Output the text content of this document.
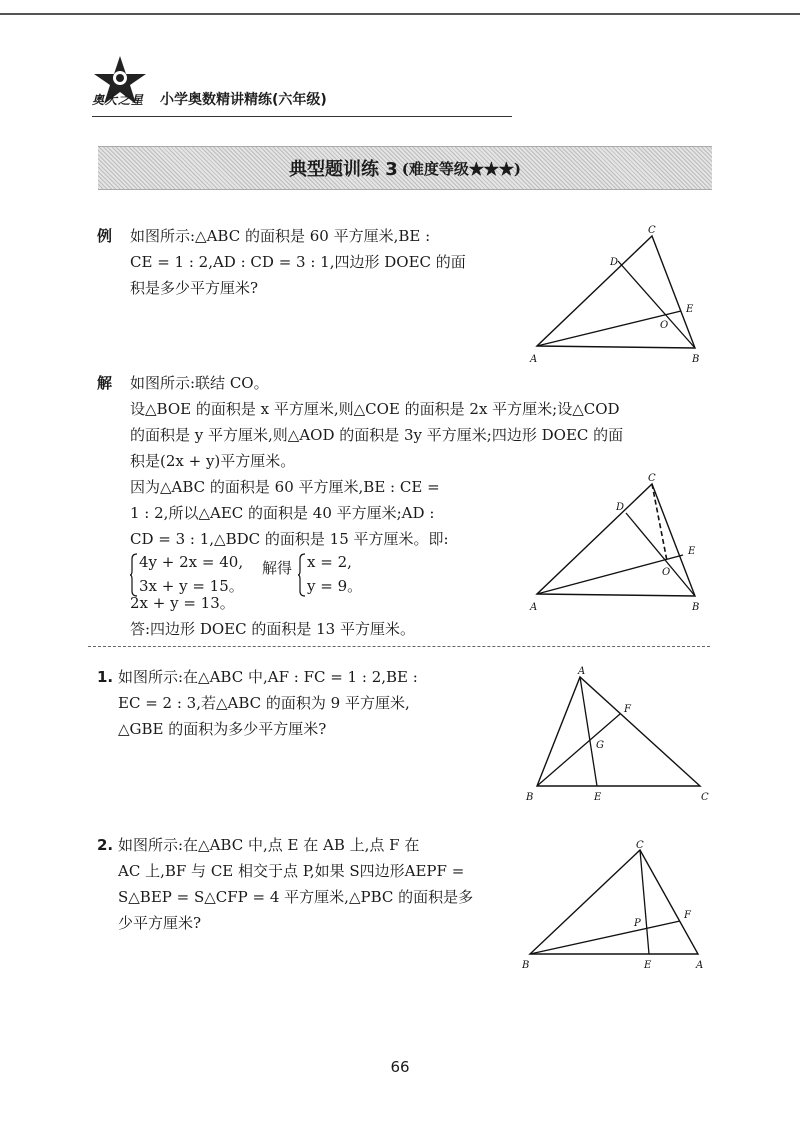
奥大之星 小学奥数精讲精练(六年级)
典型题训练 3 (难度等级★★★)
例 如图所示:△ABC 的面积是 60 平方厘米,BE :
CE = 1 : 2,AD : CD = 3 : 1,四边形 DOEC 的面
积是多少平方厘米?
C
D
E
O
A	B
解 如图所示:联结 CO。
设△BOE 的面积是 x 平方厘米,则△COE 的面积是 2x 平方厘米;设△COD
的面积是 y 平方厘米,则△AOD 的面积是 3y 平方厘米;四边形 DOEC 的面
积是(2x + y)平方厘米。
因为△ABC 的面积是 60 平方厘米,BE : CE =
1 : 2,所以△AEC 的面积是 40 平方厘米;AD :
CD = 3 : 1,△BDC 的面积是 15 平方厘米。即:
4y + 2x = 40,
3x + y = 15。
解得 x = 2,
y = 9。
2x + y = 13。
答:四边形 DOEC 的面积是 13 平方厘米。
C
D
E
O
A	B
1. 如图所示:在△ABC 中,AF : FC = 1 : 2,BE :
EC = 2 : 3,若△ABC 的面积为 9 平方厘米,
△GBE 的面积为多少平方厘米?
A
F
G
B	E	C
2. 如图所示:在△ABC 中,点 E 在 AB 上,点 F 在
AC 上,BF 与 CE 相交于点 P,如果 S四边形AEPF =
S△BEP = S△CFP = 4 平方厘米,△PBC 的面积是多
少平方厘米?
C
F
P
B	E	A
66
